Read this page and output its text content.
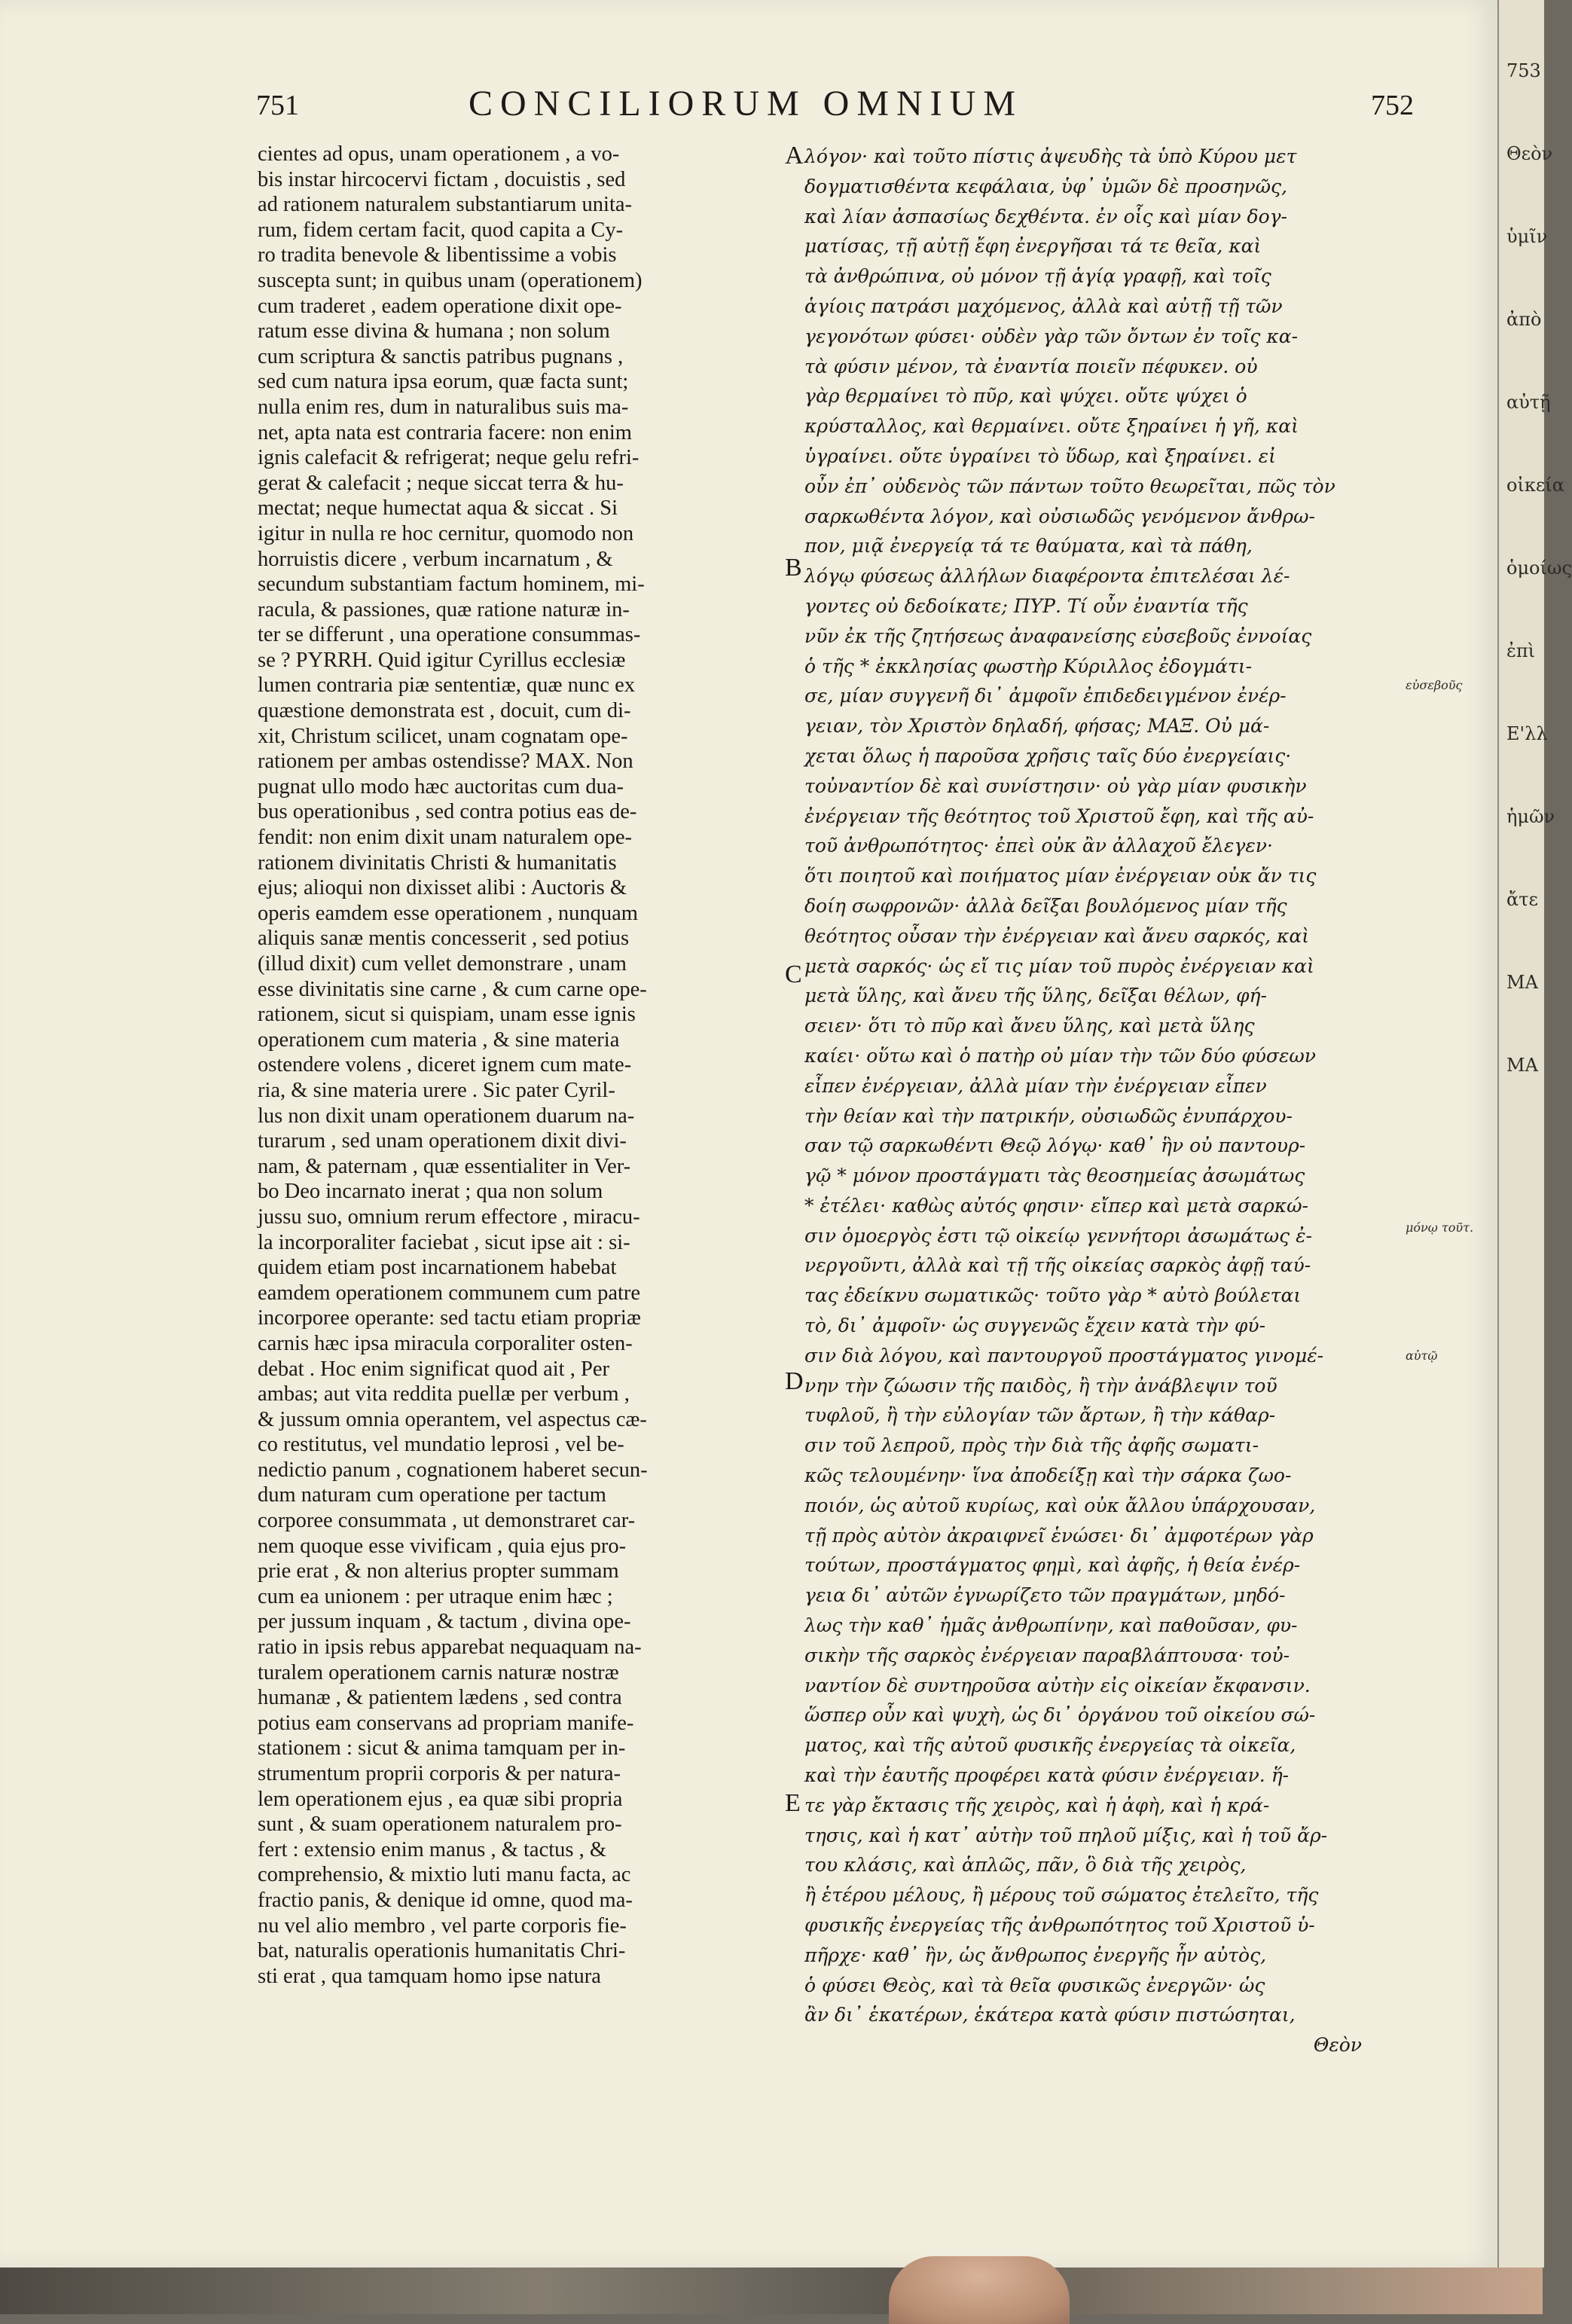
751	CONCILIORUM OMNIUM	752
cientes ad opus, unam operationem , a vo-
bis instar hircocervi fictam , docuistis , sed
ad rationem naturalem substantiarum unita-
rum, fidem certam facit, quod capita a Cy-
ro tradita benevole & libentissime a vobis
suscepta sunt; in quibus unam (operationem)
cum traderet , eadem operatione dixit ope-
ratum esse divina & humana ; non solum
cum scriptura & sanctis patribus pugnans ,
sed cum natura ipsa eorum, quæ facta sunt;
nulla enim res, dum in naturalibus suis ma-
net, apta nata est contraria facere: non enim
ignis calefacit & refrigerat; neque gelu refri-
gerat & calefacit ; neque siccat terra & hu-
mectat; neque humectat aqua & siccat . Si
igitur in nulla re hoc cernitur, quomodo non
horruistis dicere , verbum incarnatum , &
secundum substantiam factum hominem, mi-
racula, & passiones, quæ ratione naturæ in-
ter se differunt , una operatione consummas-
se ? PYRRH. Quid igitur Cyrillus ecclesiæ
lumen contraria piæ sententiæ, quæ nunc ex
quæstione demonstrata est , docuit, cum di-
xit, Christum scilicet, unam cognatam ope-
rationem per ambas ostendisse? MAX. Non
pugnat ullo modo hæc auctoritas cum dua-
bus operationibus , sed contra potius eas de-
fendit: non enim dixit unam naturalem ope-
rationem divinitatis Christi & humanitatis
ejus; alioqui non dixisset alibi : Auctoris &
operis eamdem esse operationem , nunquam
aliquis sanæ mentis concesserit , sed potius
(illud dixit) cum vellet demonstrare , unam
esse divinitatis sine carne , & cum carne ope-
rationem, sicut si quispiam, unam esse ignis
operationem cum materia , & sine materia
ostendere volens , diceret ignem cum mate-
ria, & sine materia urere . Sic pater Cyril-
lus non dixit unam operationem duarum na-
turarum , sed unam operationem dixit divi-
nam, & paternam , quæ essentialiter in Ver-
bo Deo incarnato inerat ; qua non solum
jussu suo, omnium rerum effectore , miracu-
la incorporaliter faciebat , sicut ipse ait : si-
quidem etiam post incarnationem habebat
eamdem operationem communem cum patre
incorporee operante: sed tactu etiam propriæ
carnis hæc ipsa miracula corporaliter osten-
debat . Hoc enim significat quod ait , Per
ambas; aut vita reddita puellæ per verbum ,
& jussum omnia operantem, vel aspectus cæ-
co restitutus, vel mundatio leprosi , vel be-
nedictio panum , cognationem haberet secun-
dum naturam cum operatione per tactum
corporee consummata , ut demonstraret car-
nem quoque esse vivificam , quia ejus pro-
prie erat , & non alterius propter summam
cum ea unionem : per utraque enim hæc ;
per jussum inquam , & tactum , divina ope-
ratio in ipsis rebus apparebat nequaquam na-
turalem operationem carnis naturæ nostræ
humanæ , & patientem lædens , sed contra
potius eam conservans ad propriam manife-
stationem : sicut & anima tamquam per in-
strumentum proprii corporis & per natura-
lem operationem ejus , ea quæ sibi propria
sunt , & suam operationem naturalem pro-
fert : extensio enim manus , & tactus , &
comprehensio, & mixtio luti manu facta, ac
fractio panis, & denique id omne, quod ma-
nu vel alio membro , vel parte corporis fie-
bat, naturalis operationis humanitatis Chri-
sti erat , qua tamquam homo ipse natura
A
B
C
D
E
λόγον· καὶ τοῦτο πίστις ἀψευδὴς τὰ ὑπὸ Κύρου μετ
δογματισθέντα κεφάλαια, ὑφ᾽ ὑμῶν δὲ προσηνῶς,
καὶ λίαν ἀσπασίως δεχθέντα. ἐν οἷς καὶ μίαν δογ-
ματίσας, τῇ αὐτῇ ἔφη ἐνεργῆσαι τά τε θεῖα, καὶ
τὰ ἀνθρώπινα, οὐ μόνον τῇ ἁγίᾳ γραφῇ, καὶ τοῖς
ἁγίοις πατράσι μαχόμενος, ἀλλὰ καὶ αὐτῇ τῇ τῶν
γεγονότων φύσει· οὐδὲν γὰρ τῶν ὄντων ἐν τοῖς κα-
τὰ φύσιν μένον, τὰ ἐναντία ποιεῖν πέφυκεν. οὐ
γὰρ θερμαίνει τὸ πῦρ, καὶ ψύχει. οὔτε ψύχει ὁ
κρύσταλλος, καὶ θερμαίνει. οὔτε ξηραίνει ἡ γῆ, καὶ
ὑγραίνει. οὔτε ὑγραίνει τὸ ὕδωρ, καὶ ξηραίνει. εἰ
οὖν ἐπ᾽ οὐδενὸς τῶν πάντων τοῦτο θεωρεῖται, πῶς τὸν
σαρκωθέντα λόγον, καὶ οὐσιωδῶς γενόμενον ἄνθρω-
πον, μιᾷ ἐνεργείᾳ τά τε θαύματα, καὶ τὰ πάθη,
λόγῳ φύσεως ἀλλήλων διαφέροντα ἐπιτελέσαι λέ-
γοντες οὐ δεδοίκατε; ΠΥΡ. Τί οὖν ἐναντία τῆς
νῦν ἐκ τῆς ζητήσεως ἀναφανείσης εὐσεβοῦς ἐννοίας
ὁ τῆς * ἐκκλησίας φωστὴρ Κύριλλος ἐδογμάτι-
σε, μίαν συγγενῆ δι᾽ ἀμφοῖν ἐπιδεδειγμένον ἐνέρ-
γειαν, τὸν Χριστὸν δηλαδή, φήσας; ΜΑΞ. Οὐ μά-
χεται ὅλως ἡ παροῦσα χρῆσις ταῖς δύο ἐνεργείαις·
τοὐναντίον δὲ καὶ συνίστησιν· οὐ γὰρ μίαν φυσικὴν
ἐνέργειαν τῆς θεότητος τοῦ Χριστοῦ ἔφη, καὶ τῆς αὐ-
τοῦ ἀνθρωπότητος· ἐπεὶ οὐκ ἂν ἀλλαχοῦ ἔλεγεν·
ὅτι ποιητοῦ καὶ ποιήματος μίαν ἐνέργειαν οὐκ ἄν τις
δοίη σωφρονῶν· ἀλλὰ δεῖξαι βουλόμενος μίαν τῆς
θεότητος οὖσαν τὴν ἐνέργειαν καὶ ἄνευ σαρκός, καὶ
μετὰ σαρκός· ὡς εἴ τις μίαν τοῦ πυρὸς ἐνέργειαν καὶ
μετὰ ὕλης, καὶ ἄνευ τῆς ὕλης, δεῖξαι θέλων, φή-
σειεν· ὅτι τὸ πῦρ καὶ ἄνευ ὕλης, καὶ μετὰ ὕλης
καίει· οὕτω καὶ ὁ πατὴρ οὐ μίαν τὴν τῶν δύο φύσεων
εἶπεν ἐνέργειαν, ἀλλὰ μίαν τὴν ἐνέργειαν εἶπεν
τὴν θείαν καὶ τὴν πατρικήν, οὐσιωδῶς ἐνυπάρχου-
σαν τῷ σαρκωθέντι Θεῷ λόγῳ· καθ᾽ ἣν οὐ παντουρ-
γῷ * μόνον προστάγματι τὰς θεοσημείας ἀσωμάτως
* ἐτέλει· καθὼς αὐτός φησιν· εἴπερ καὶ μετὰ σαρκώ-
σιν ὁμοεργὸς ἐστι τῷ οἰκείῳ γεννήτορι ἀσωμάτως ἐ-
νεργοῦντι, ἀλλὰ καὶ τῇ τῆς οἰκείας σαρκὸς ἀφῇ ταύ-
τας ἐδείκνυ σωματικῶς· τοῦτο γὰρ * αὐτὸ βούλεται
τὸ, δι᾽ ἀμφοῖν· ὡς συγγενῶς ἔχειν κατὰ τὴν φύ-
σιν διὰ λόγου, καὶ παντουργοῦ προστάγματος γινομέ-
νην τὴν ζώωσιν τῆς παιδὸς, ἢ τὴν ἀνάβλεψιν τοῦ
τυφλοῦ, ἢ τὴν εὐλογίαν τῶν ἄρτων, ἢ τὴν κάθαρ-
σιν τοῦ λεπροῦ, πρὸς τὴν διὰ τῆς ἀφῆς σωματι-
κῶς τελουμένην· ἵνα ἀποδείξῃ καὶ τὴν σάρκα ζωο-
ποιόν, ὡς αὐτοῦ κυρίως, καὶ οὐκ ἄλλου ὑπάρχουσαν,
τῇ πρὸς αὐτὸν ἀκραιφνεῖ ἑνώσει· δι᾽ ἀμφοτέρων γὰρ
τούτων, προστάγματος φημὶ, καὶ ἀφῆς, ἡ θεία ἐνέρ-
γεια δι᾽ αὐτῶν ἐγνωρίζετο τῶν πραγμάτων, μηδό-
λως τὴν καθ᾽ ἡμᾶς ἀνθρωπίνην, καὶ παθοῦσαν, φυ-
σικὴν τῆς σαρκὸς ἐνέργειαν παραβλάπτουσα· τοὐ-
ναντίον δὲ συντηροῦσα αὐτὴν εἰς οἰκείαν ἔκφανσιν.
ὥσπερ οὖν καὶ ψυχὴ, ὡς δι᾽ ὀργάνου τοῦ οἰκείου σώ-
ματος, καὶ τῆς αὐτοῦ φυσικῆς ἐνεργείας τὰ οἰκεῖα,
καὶ τὴν ἑαυτῆς προφέρει κατὰ φύσιν ἐνέργειαν. ἥ-
τε γὰρ ἔκτασις τῆς χειρὸς, καὶ ἡ ἀφὴ, καὶ ἡ κρά-
τησις, καὶ ἡ κατ᾽ αὐτὴν τοῦ πηλοῦ μίξις, καὶ ἡ τοῦ ἄρ-
του κλάσις, καὶ ἁπλῶς, πᾶν, ὃ διὰ τῆς χειρὸς,
ἢ ἑτέρου μέλους, ἢ μέρους τοῦ σώματος ἐτελεῖτο, τῆς
φυσικῆς ἐνεργείας τῆς ἀνθρωπότητος τοῦ Χριστοῦ ὑ-
πῆρχε· καθ᾽ ἣν, ὡς ἄνθρωπος ἐνεργῆς ἦν αὐτὸς,
ὁ φύσει Θεὸς, καὶ τὰ θεῖα φυσικῶς ἐνεργῶν· ὡς
ἂν δι᾽ ἑκατέρων, ἑκάτερα κατὰ φύσιν πιστώσηται,
Θεὸν
εὐσεβοῦς
μόνῳ τοῦτ.
αὐτῷ
753
Θεὸν
ὑμῖν
ἀπὸ
αὐτῇ
οἰκεία
ὁμοίως
ἐπὶ
Ε'λλ
ἡμῶν
ἄτε
ΜΑ
ΜΑ
